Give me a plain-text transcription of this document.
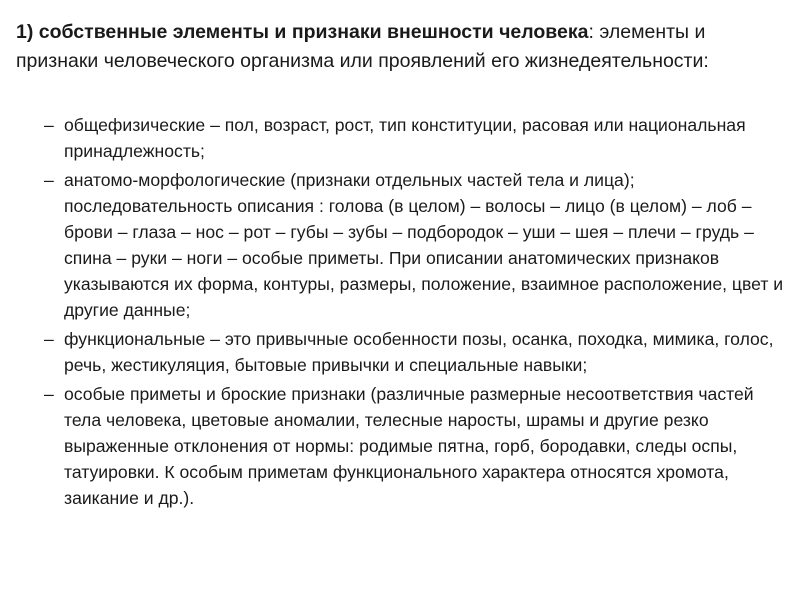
1) собственные элементы и признаки внешности человека: элементы и признаки человеческого организма или проявлений его жизнедеятельности:

– общефизические – пол, возраст, рост, тип конституции, расовая или национальная принадлежность;
– анатомо-морфологические (признаки отдельных частей тела и лица); последовательность описания : голова (в целом) – волосы – лицо (в целом) – лоб – брови – глаза – нос – рот – губы – зубы – подбородок – уши – шея – плечи – грудь – спина – руки – ноги – особые приметы. При описании анатомических признаков указываются их форма, контуры, размеры, положение, взаимное расположение, цвет и другие данные;
– функциональные – это привычные особенности позы, осанка, походка, мимика, голос, речь, жестикуляция, бытовые привычки и специальные навыки;
– особые приметы и броские признаки (различные размерные несоответствия частей тела человека, цветовые аномалии, телесные наросты, шрамы и другие резко выраженные отклонения от нормы: родимые пятна, горб, бородавки, следы оспы, татуировки. К особым приметам функционального характера относятся хромота, заикание и др.).
